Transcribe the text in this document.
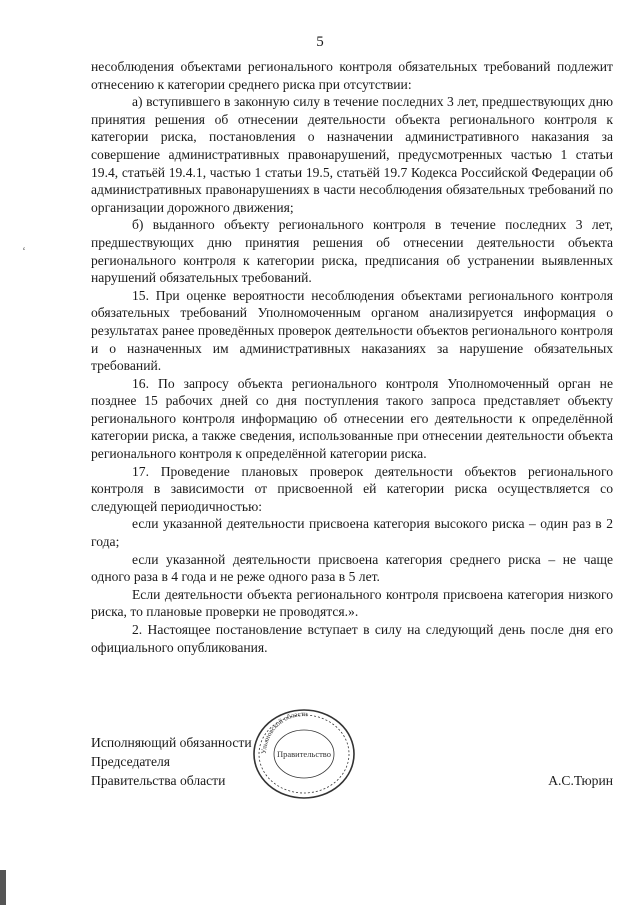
5

несоблюдения объектами регионального контроля обязательных требований подлежит отнесению к категории среднего риска при отсутствии:

а) вступившего в законную силу в течение последних 3 лет, предшествующих дню принятия решения об отнесении деятельности объекта регионального контроля к категории риска, постановления о назначении административного наказания за совершение административных правонарушений, предусмотренных частью 1 статьи 19.4, статьёй 19.4.1, частью 1 статьи 19.5, статьёй 19.7 Кодекса Российской Федерации об административных правонарушениях в части несоблюдения обязательных требований по организации дорожного движения;

б) выданного объекту регионального контроля в течение последних 3 лет, предшествующих дню принятия решения об отнесении деятельности объекта регионального контроля к категории риска, предписания об устранении выявленных нарушений обязательных требований.

15. При оценке вероятности несоблюдения объектами регионального контроля обязательных требований Уполномоченным органом анализируется информация о результатах ранее проведённых проверок деятельности объектов регионального контроля и о назначенных им административных наказаниях за нарушение обязательных требований.

16. По запросу объекта регионального контроля Уполномоченный орган не позднее 15 рабочих дней со дня поступления такого запроса представляет объекту регионального контроля информацию об отнесении его деятельности к определённой категории риска, а также сведения, использованные при отнесении деятельности объекта регионального контроля к определённой категории риска.

17. Проведение плановых проверок деятельности объектов регионального контроля в зависимости от присвоенной ей категории риска осуществляется со следующей периодичностью:

если указанной деятельности присвоена категория высокого риска – один раз в 2 года;

если указанной деятельности присвоена категория среднего риска – не чаще одного раза в 4 года и не реже одного раза в 5 лет.

Если деятельности объекта регионального контроля присвоена категория низкого риска, то плановые проверки не проводятся.».

2. Настоящее постановление вступает в силу на следующий день после дня его официального опубликования.

Исполняющий обязанности
Председателя
Правительства области	А.С.Тюрин
Ульяновской области
Правительство
‘
